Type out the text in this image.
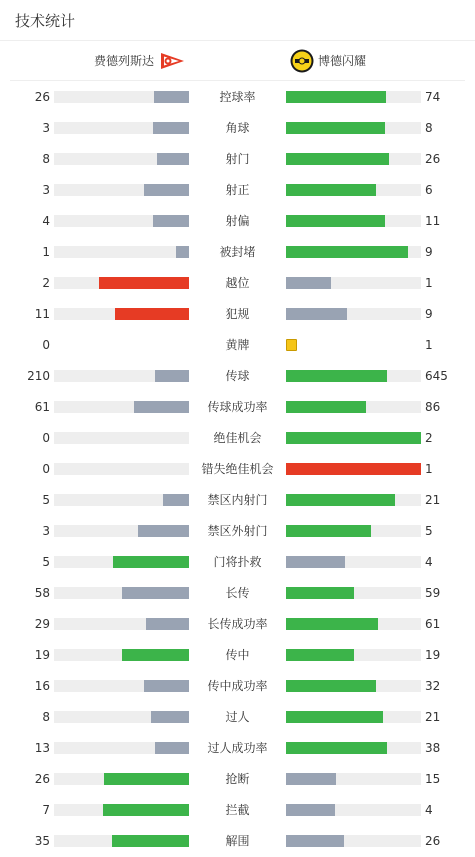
技术统计
费德列斯达	博德闪耀
26	控球率	74
3	角球	8
8	射门	26
3	射正	6
4	射偏	11
1	被封堵	9
2	越位	1
11	犯规	9
0	黄牌	1
210	传球	645
61	传球成功率	86
0	绝佳机会	2
0	错失绝佳机会	1
5	禁区内射门	21
3	禁区外射门	5
5	门将扑救	4
58	长传	59
29	长传成功率	61
19	传中	19
16	传中成功率	32
8	过人	21
13	过人成功率	38
26	抢断	15
7	拦截	4
35	解围	26
